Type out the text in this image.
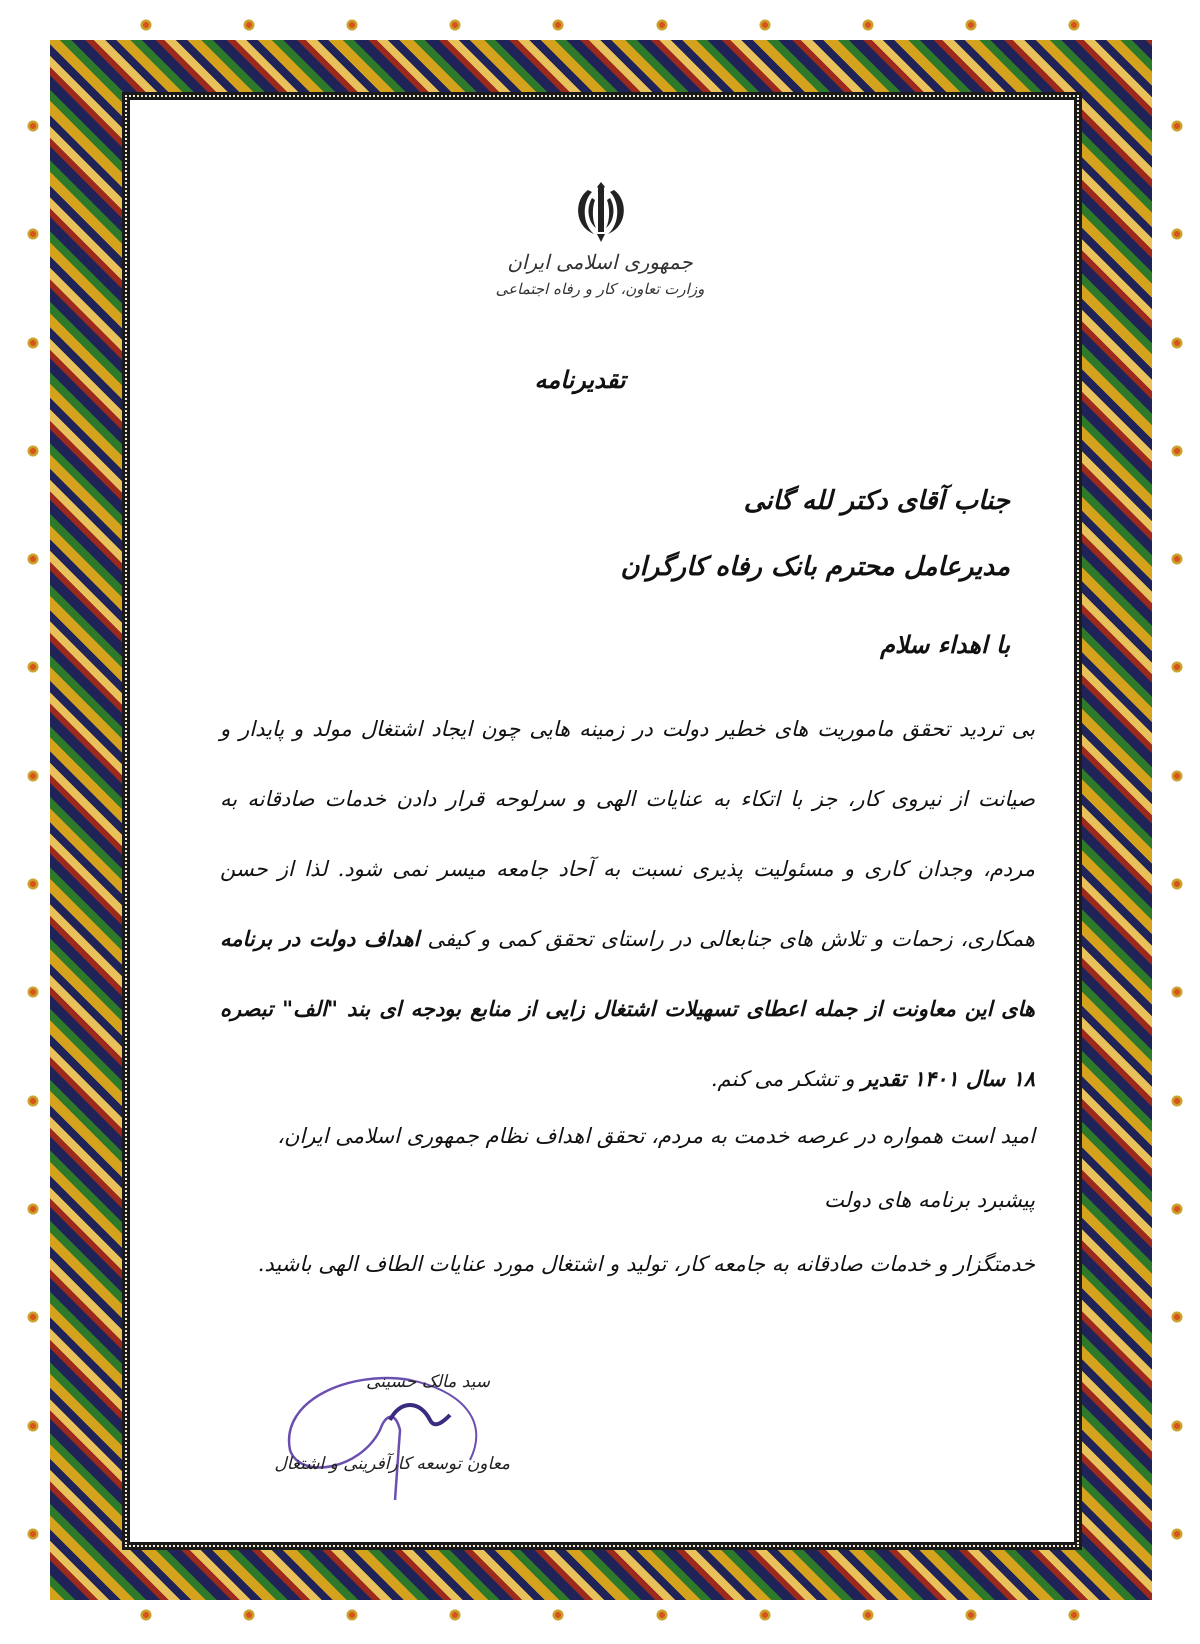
جمهوری اسلامی ایران
وزارت تعاون، کار و رفاه اجتماعی
تقدیرنامه
جناب آقای دکتر لله گانی
مدیرعامل محترم بانک رفاه کارگران
با اهداء سلام
بی تردید تحقق ماموریت های خطیر دولت در زمینه هایی چون ایجاد اشتغال مولد و پایدار و صیانت از نیروی کار، جز با اتکاء به عنایات الهی و سرلوحه قرار دادن خدمات صادقانه به مردم، وجدان کاری و مسئولیت پذیری نسبت به آحاد جامعه میسر نمی شود. لذا از حسن همکاری، زحمات و تلاش های جنابعالی در راستای تحقق کمی و کیفی اهداف دولت در برنامه های این معاونت از جمله اعطای تسهیلات اشتغال زایی از منابع بودجه ای بند "الف" تبصره ۱۸ سال ۱۴۰۱ تقدیر و تشکر می کنم.
امید است همواره در عرصه خدمت به مردم، تحقق اهداف نظام جمهوری اسلامی ایران، پیشبرد برنامه های دولت
خدمتگزار و خدمات صادقانه به جامعه کار، تولید و اشتغال مورد عنایات الطاف الهی باشید.
سید مالک حسینی
معاون توسعه کارآفرینی و اشتغال
